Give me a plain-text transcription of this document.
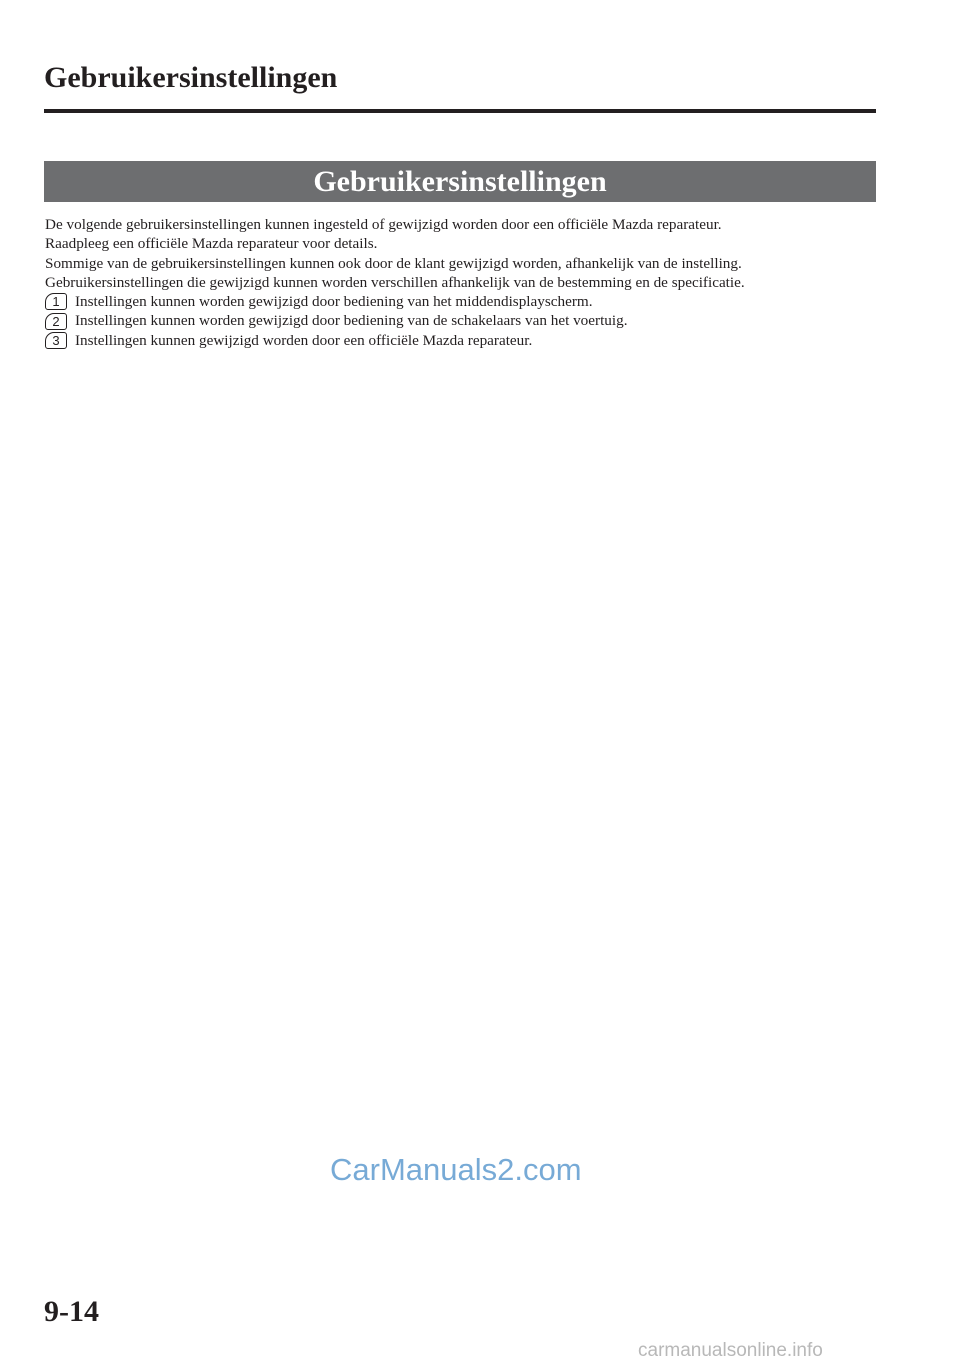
Gebruikersinstellingen
Gebruikersinstellingen

De volgende gebruikersinstellingen kunnen ingesteld of gewijzigd worden door een officiële Mazda reparateur.

Raadpleeg een officiële Mazda reparateur voor details.

Sommige van de gebruikersinstellingen kunnen ook door de klant gewijzigd worden, afhankelijk van de instelling.

Gebruikersinstellingen die gewijzigd kunnen worden verschillen afhankelijk van de bestemming en de specificatie.

1	Instellingen kunnen worden gewijzigd door bediening van het middendisplayscherm.
2	Instellingen kunnen worden gewijzigd door bediening van de schakelaars van het voertuig.
3	Instellingen kunnen gewijzigd worden door een officiële Mazda reparateur.
CarManuals2.com
9-14
carmanualsonline.info
